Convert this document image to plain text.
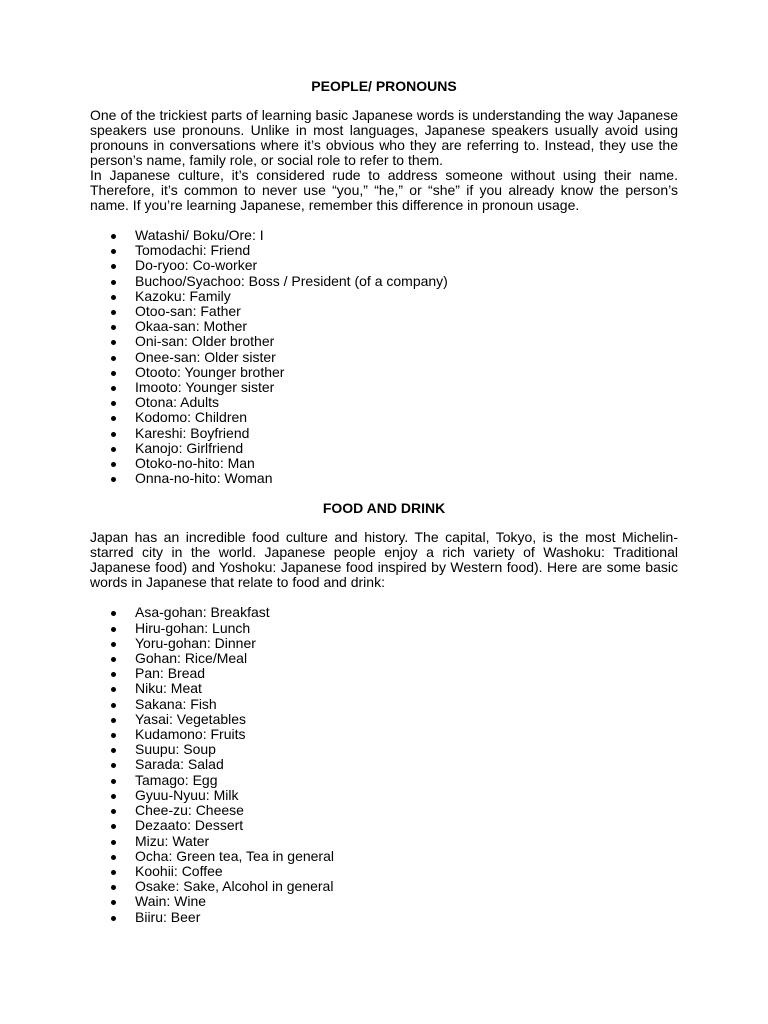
PEOPLE/ PRONOUNS

One of the trickiest parts of learning basic Japanese words is understanding the way Japanese speakers use pronouns. Unlike in most languages, Japanese speakers usually avoid using pronouns in conversations where it’s obvious who they are referring to. Instead, they use the person’s name, family role, or social role to refer to them.

In Japanese culture, it’s considered rude to address someone without using their name. Therefore, it’s common to never use “you,” “he,” or “she” if you already know the person’s name. If you’re learning Japanese, remember this difference in pronoun usage.

Watashi/ Boku/Ore: I
Tomodachi: Friend
Do-ryoo: Co-worker
Buchoo/Syachoo: Boss / President (of a company)
Kazoku: Family
Otoo-san: Father
Okaa-san: Mother
Oni-san: Older brother
Onee-san: Older sister
Otooto: Younger brother
Imooto: Younger sister
Otona: Adults
Kodomo: Children
Kareshi: Boyfriend
Kanojo: Girlfriend
Otoko-no-hito: Man
Onna-no-hito: Woman
FOOD AND DRINK

Japan has an incredible food culture and history. The capital, Tokyo, is the most Michelin-starred city in the world. Japanese people enjoy a rich variety of Washoku: Traditional Japanese food) and Yoshoku: Japanese food inspired by Western food). Here are some basic words in Japanese that relate to food and drink:

Asa-gohan: Breakfast
Hiru-gohan: Lunch
Yoru-gohan: Dinner
Gohan: Rice/Meal
Pan: Bread
Niku: Meat
Sakana: Fish
Yasai: Vegetables
Kudamono: Fruits
Suupu: Soup
Sarada: Salad
Tamago: Egg
Gyuu-Nyuu: Milk
Chee-zu: Cheese
Dezaato: Dessert
Mizu: Water
Ocha: Green tea, Tea in general
Koohii: Coffee
Osake: Sake, Alcohol in general
Wain: Wine
Biiru: Beer
